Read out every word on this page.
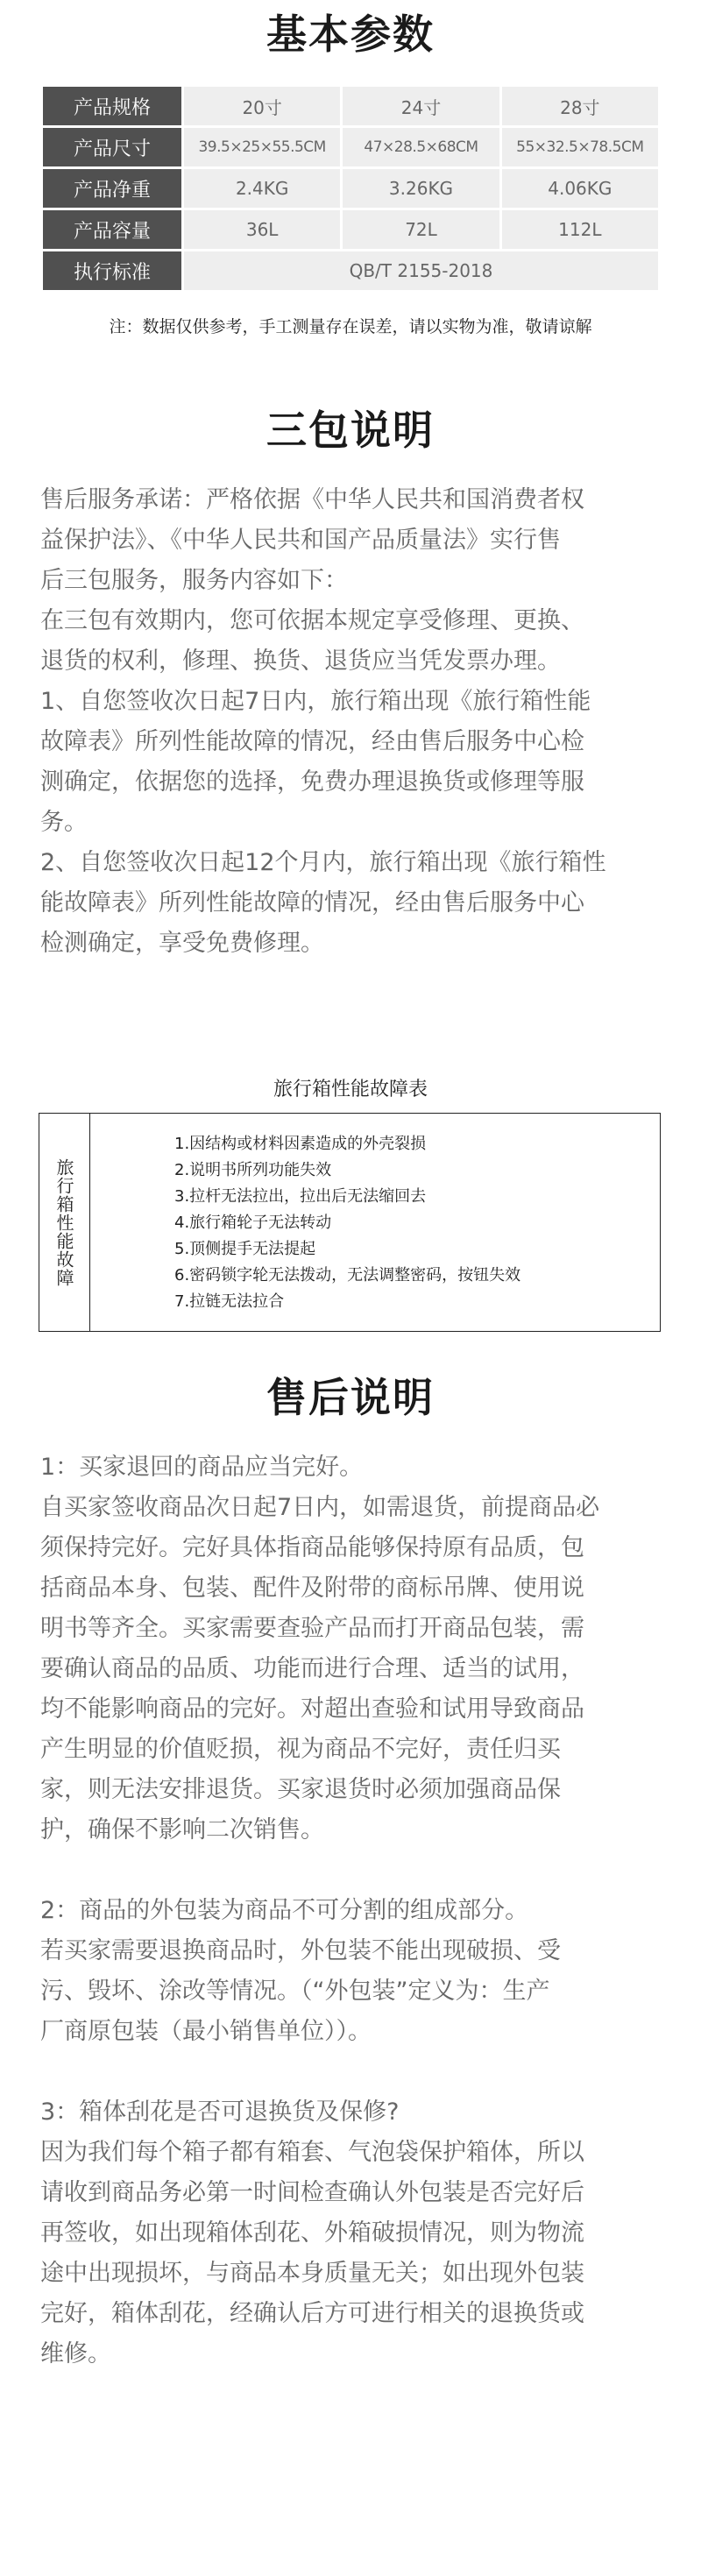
基本参数
产品规格	20寸	24寸	28寸
产品尺寸	39.5×25×55.5CM	47×28.5×68CM	55×32.5×78.5CM
产品净重	2.4KG	3.26KG	4.06KG
产品容量	36L	72L	112L
执行标准	QB/T 2155-2018		
注：数据仅供参考，手工测量存在误差，请以实物为准，敬请谅解
三包说明

售后服务承诺：严格依据《中华人民共和国消费者权

益保护法》、《中华人民共和国产品质量法》实行售

后三包服务，服务内容如下：

在三包有效期内，您可依据本规定享受修理、更换、

退货的权利，修理、换货、退货应当凭发票办理。

1、自您签收次日起7日内，旅行箱出现《旅行箱性能

故障表》所列性能故障的情况，经由售后服务中心检

测确定，依据您的选择，免费办理退换货或修理等服

务。

2、自您签收次日起12个月内，旅行箱出现《旅行箱性

能故障表》所列性能故障的情况，经由售后服务中心

检测确定，享受免费修理。

旅行箱性能故障表
旅行箱性能故障
1.因结构或材料因素造成的外壳裂损
2.说明书所列功能失效
3.拉杆无法拉出，拉出后无法缩回去
4.旅行箱轮子无法转动
5.顶侧提手无法提起
6.密码锁字轮无法拨动，无法调整密码，按钮失效
7.拉链无法拉合
售后说明

1：买家退回的商品应当完好。

自买家签收商品次日起7日内，如需退货，前提商品必

须保持完好。完好具体指商品能够保持原有品质，包

括商品本身、包装、配件及附带的商标吊牌、使用说

明书等齐全。买家需要查验产品而打开商品包装，需

要确认商品的品质、功能而进行合理、适当的试用，

均不能影响商品的完好。对超出查验和试用导致商品

产生明显的价值贬损，视为商品不完好，责任归买

家，则无法安排退货。买家退货时必须加强商品保

护，确保不影响二次销售。

2：商品的外包装为商品不可分割的组成部分。

若买家需要退换商品时，外包装不能出现破损、受

污、毁坏、涂改等情况。（“外包装”定义为：生产

厂商原包装（最小销售单位））。

3：箱体刮花是否可退换货及保修?

因为我们每个箱子都有箱套、气泡袋保护箱体，所以

请收到商品务必第一时间检查确认外包装是否完好后

再签收，如出现箱体刮花、外箱破损情况，则为物流

途中出现损坏，与商品本身质量无关；如出现外包装

完好，箱体刮花，经确认后方可进行相关的退换货或

维修。
